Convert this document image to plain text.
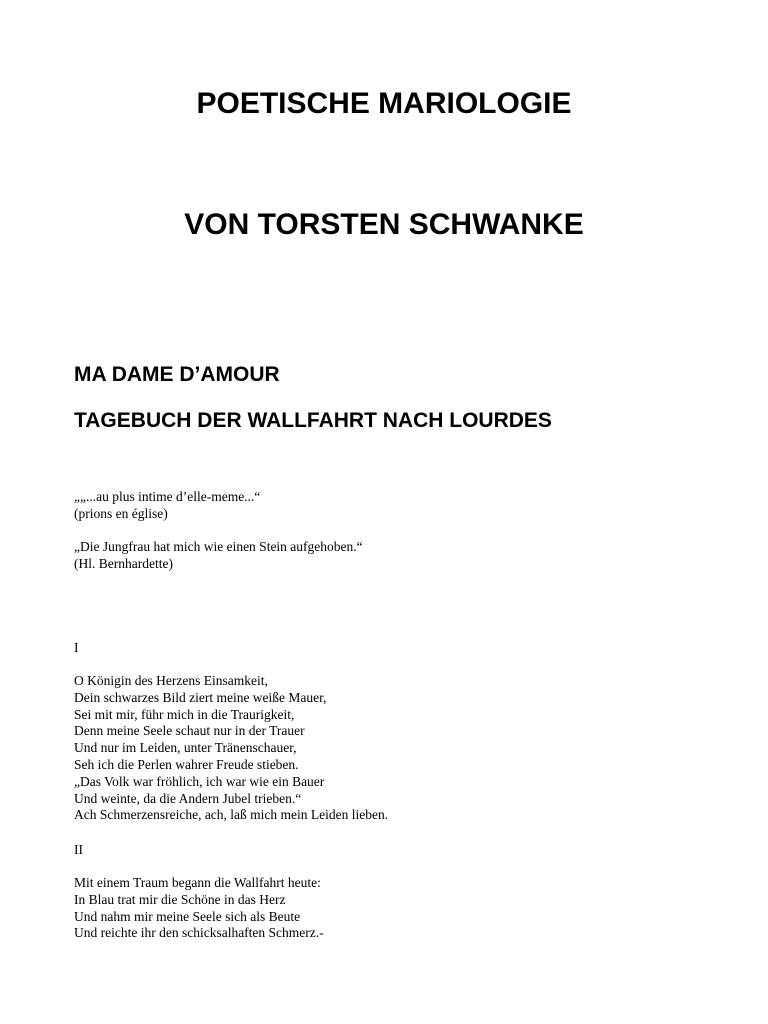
POETISCHE MARIOLOGIE
VON TORSTEN SCHWANKE
MA DAME D’AMOUR
TAGEBUCH DER WALLFAHRT NACH LOURDES
„„...au plus intime d’elle-meme...“
(prions en église)
„Die Jungfrau hat mich wie einen Stein aufgehoben.“
(Hl. Bernhardette)
I
O Königin des Herzens Einsamkeit,
Dein schwarzes Bild ziert meine weiße Mauer,
Sei mit mir, führ mich in die Traurigkeit,
Denn meine Seele schaut nur in der Trauer
Und nur im Leiden, unter Tränenschauer,
Seh ich die Perlen wahrer Freude stieben.
„Das Volk war fröhlich, ich war wie ein Bauer
Und weinte, da die Andern Jubel trieben.“
Ach Schmerzensreiche, ach, laß mich mein Leiden lieben.
II
Mit einem Traum begann die Wallfahrt heute:
In Blau trat mir die Schöne in das Herz
Und nahm mir meine Seele sich als Beute
Und reichte ihr den schicksalhaften Schmerz.-
